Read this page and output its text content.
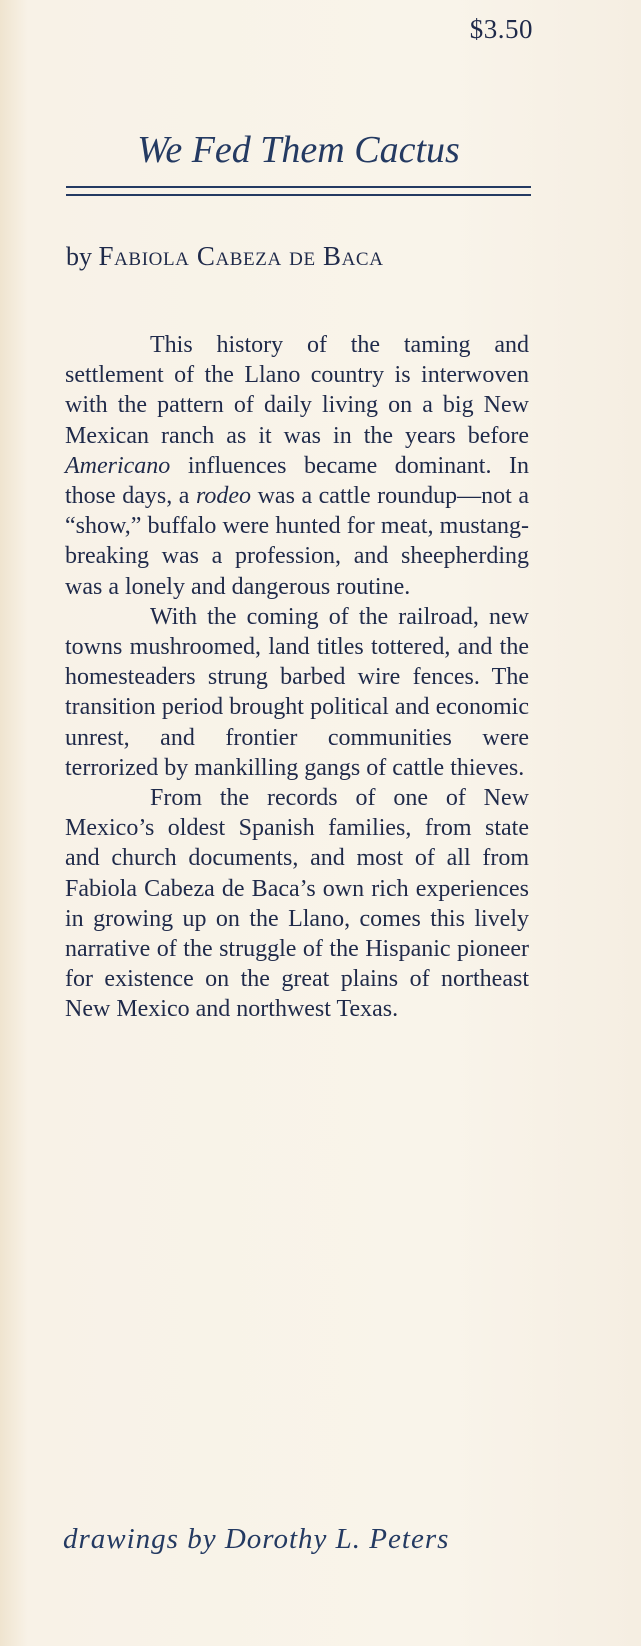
$3.50
We Fed Them Cactus
by Fabiola Cabeza de Baca

This history of the taming and settlement of the Llano country is interwoven with the pattern of daily living on a big New Mexican ranch as it was in the years before Americano influences became dominant. In those days, a rodeo was a cattle roundup—not a “show,” buffalo were hunted for meat, mustang-breaking was a profession, and sheepherding was a lonely and dangerous routine.

With the coming of the railroad, new towns mushroomed, land titles tottered, and the homesteaders strung barbed wire fences. The transition period brought political and economic unrest, and frontier communities were terrorized by mankilling gangs of cattle thieves.

From the records of one of New Mexico’s oldest Spanish families, from state and church documents, and most of all from Fabiola Cabeza de Baca’s own rich experiences in growing up on the Llano, comes this lively narrative of the struggle of the Hispanic pioneer for existence on the great plains of northeast New Mexico and northwest Texas.

drawings by Dorothy L. Peters
